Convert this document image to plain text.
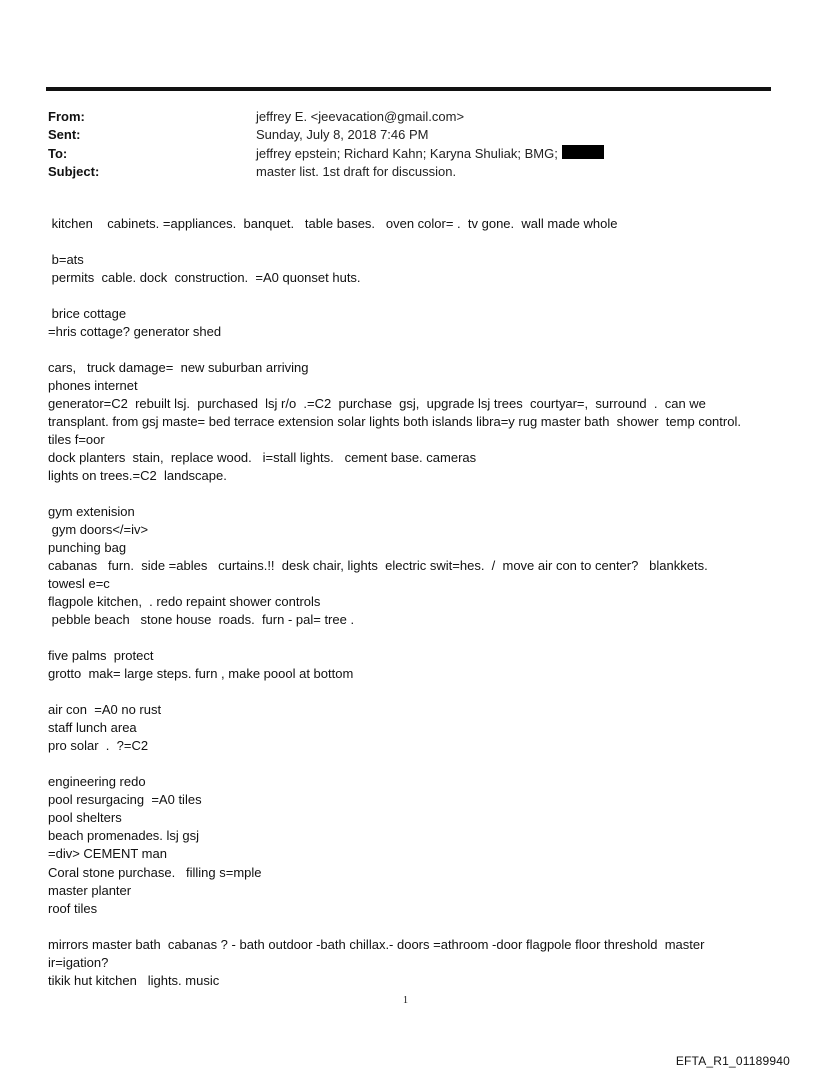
From:	jeffrey E. <jeevacation@gmail.com>
Sent:	Sunday, July 8, 2018 7:46 PM
To:	jeffrey epstein; Richard Kahn; Karyna Shuliak; BMG;
Subject:	master list. 1st draft for discussion.
kitchen    cabinets. =appliances.  banquet.   table bases.   oven color= .  tv gone.  wall made whole
b=ats
permits  cable. dock  construction.  =A0 quonset huts.
brice cottage
=hris cottage? generator shed
cars,   truck damage=  new suburban arriving
phones internet
generator=C2  rebuilt lsj.  purchased  lsj r/o  .=C2  purchase  gsj,  upgrade lsj trees  courtyar=,  surround  .  can we transplant. from gsj maste= bed terrace extension solar lights both islands libra=y rug master bath  shower  temp control.  tiles f=oor
dock planters  stain,  replace wood.   i=stall lights.   cement base. cameras
lights on trees.=C2  landscape.
gym extenision
gym doors</=iv>
punching bag
cabanas   furn.  side =ables   curtains.!!  desk chair, lights  electric swit=hes.  /  move air con to center?   blankkets.  towesl e=c
flagpole kitchen,  . redo repaint shower controls
pebble beach   stone house  roads.  furn - pal= tree .
five palms  protect
grotto  mak= large steps. furn , make poool at bottom
air con  =A0 no rust
staff lunch area
pro solar  .  ?=C2
engineering redo
pool resurgacing  =A0 tiles
pool shelters
beach promenades. lsj gsj
=div> CEMENT man
Coral stone purchase.   filling s=mple
master planter
roof tiles
mirrors master bath  cabanas ? - bath outdoor -bath chillax.- doors =athroom -door flagpole floor threshold  master ir=igation?
tikik hut kitchen   lights. music
1
EFTA_R1_01189940
